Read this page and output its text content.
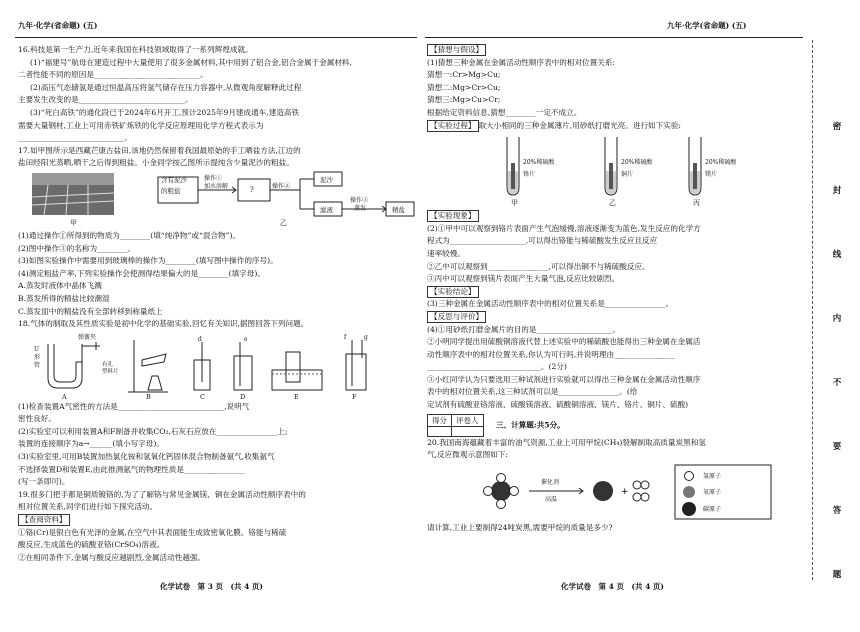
九年·化学(省命题) (五)

16.科技是第一生产力,近年来我国在科技领域取得了一系列辉煌成就。

(1)“福建号”航母在建造过程中大量使用了很多金属材料,其中用到了铝合金,铝合金属于金属材料,

二者性能不同的原因是____________________________。

(2)高压气态储氢是通过恒温高压将氢气储存在压力容器中,从微观角度解释此过程

主要发生改变的是____________________________。

(3)“死白高铁”的通化段已于2024年6月开工,预计2025年9月建成通车,建造高铁

需要大量钢材,工业上可用赤铁矿炼铁的化学反应原理用化学方程式表示为

____________________________。

17.如甲图所示是西藏芒康古盐田,该地仍然保留着我国最原始的手工晒盐方法,江边的

盐田经阳光蒸晒,晒干之后得到粗盐。小金同学按乙图所示提纯含少量泥沙的粗盐。

含有泥沙
的粗盐
操作①
加水溶解	?	操作②
泥沙
滤液
操作③
蒸发	精盐
甲	乙

(1)通过操作①所得到的物质为________(填“纯净物”或“混合物”)。

(2)图中操作③的名称为________。

(3)如图实验操作中需要用到玻璃棒的操作为________(填写图中操作的序号)。

(4)测定粗盐产率,下列实验操作会使测得结果偏大的是________(填字母)。

A.蒸发时液体中晶体飞溅

B.蒸发所得的精盐比较潮湿

C.蒸发皿中的精盐没有全部转移到称量纸上

18.气体的制取及其性质实验是初中化学的基础实验,回忆有关知识,据图回答下列问题。

弹簧夹
U
形
管	有孔
塑料片
d	e	f	g
A	B	C	D	E	F

(1)检查装置A气密性的方法是____________________________,说明气

密性良好。

(2)实验室可以利用装置A和F制备并收集CO₂,石灰石应放在________________上;

装置的连接顺序为a→______(填小写字母)。

(3)实验室里,可用B装置加热氯化铵和氢氧化钙固体混合物制备氨气,收集氨气

不选择装置D和装置E,由此推测氨气的物理性质是________________

(写一条即可)。

19.很多门把手都是铜质镀铬的,为了了解铬与常见金属镁、铜在金属活动性顺序表中的

相对位置关系,同学们进行如下探究活动。

【查阅资料】

①铬(Cr)是银白色有光泽的金属,在空气中其表面能生成致密氧化膜。铬能与稀硫

酸反应,生成蓝色的硫酸亚铬(CrSO₄)溶液。

②在相同条件下,金属与酸反应越剧烈,金属活动性越强。

化学试卷　第 3 页　(共 4 页)
九年·化学(省命题) (五)

【猜想与假设】

(1)猜想三种金属在金属活动性顺序表中的相对位置关系:

猜想一:Cr>Mg>Cu;

猜想二:Mg>Cr>Cu;

猜想三:Mg>Cu>Cr;

根据给定资料信息,猜想________一定不成立。

【实验过程】 取大小相同的三种金属薄片,用砂纸打磨光亮。进行如下实验:

20%稀硫酸
铬片
甲
20%稀硫酸
铜片
乙
20%稀硫酸
镁片
丙

【实验现象】

(2)①甲中可以观察到铬片表面产生气泡缓慢,溶液逐渐变为蓝色,发生反应的化学方

程式为____________________,可以得出铬能与稀硫酸发生反应且反应

速率较慢。

②乙中可以观察到________________,可以得出铜不与稀硫酸反应。

③丙中可以观察到镁片表面产生大量气泡,反应比较剧烈。

【实验结论】

(3)三种金属在金属活动性顺序表中的相对位置关系是________________。

【反思与评价】

(4)①用砂纸打磨金属片的目的是____________________。

②小明同学提出用硫酸铜溶液代替上述实验中的稀硫酸也能得出三种金属在金属活

动性顺序表中的相对位置关系,你认为可行吗,并说明理由________________

______________________________。(2分)

③小红同学认为只要选用三种试剂进行实验就可以得出三种金属在金属活动性顺序

表中的相对位置关系,这三种试剂可以是________________。(给

定试剂有硫酸亚铬溶液、硫酸镁溶液、硫酸铜溶液、镁片、铬片、铜片、硫酸)

得分	评卷人
	三、计算题:共5分。

20.我国南海蕴藏着丰富的油气资源,工业上可用甲烷(CH₄)裂解制取高质量炭黑和氢

气,反应微观示意图如下:

+
催化剂
高温
氢原子
氧原子
碳原子

请计算,工业上要制得24吨炭黑,需要甲烷的质量是多少?

化学试卷　第 4 页　(共 4 页)
密
封
线
内
不
要
答
题
